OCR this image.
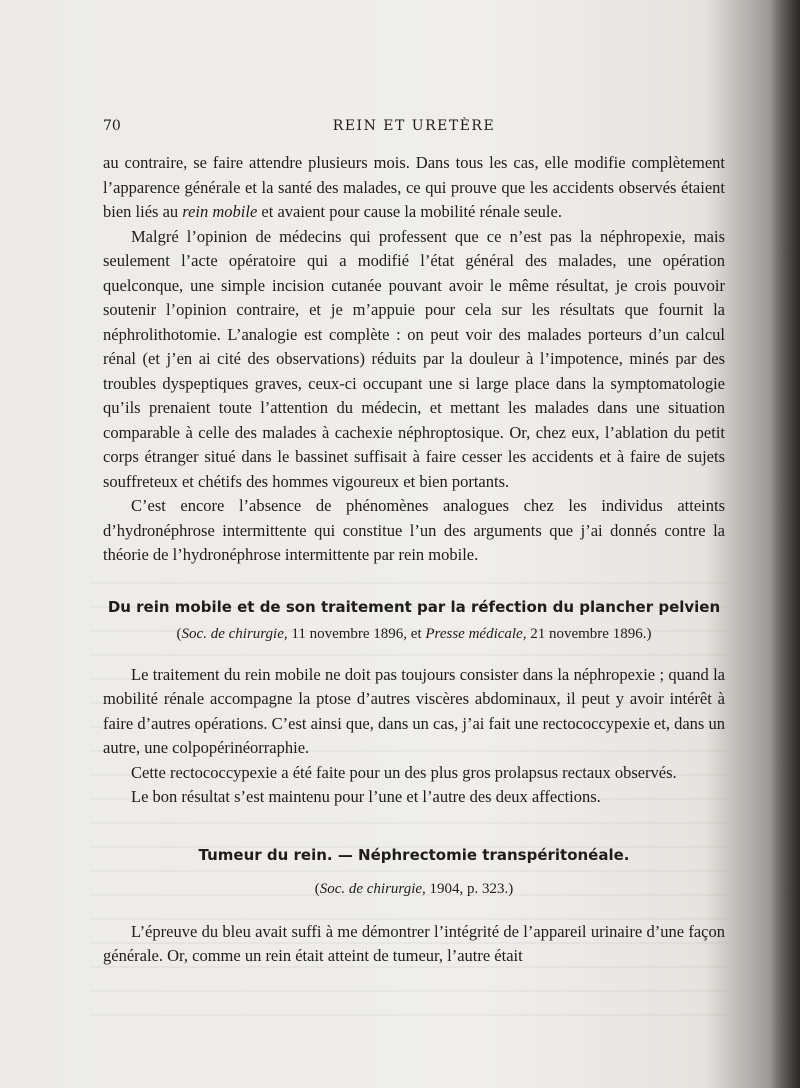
70	REIN ET URETÈRE

au contraire, se faire attendre plusieurs mois. Dans tous les cas, elle modifie complètement l’apparence générale et la santé des malades, ce qui prouve que les accidents observés étaient bien liés au rein mobile et avaient pour cause la mobilité rénale seule.

Malgré l’opinion de médecins qui professent que ce n’est pas la néphropexie, mais seulement l’acte opératoire qui a modifié l’état général des malades, une opération quelconque, une simple incision cutanée pouvant avoir le même résultat, je crois pouvoir soutenir l’opinion contraire, et je m’appuie pour cela sur les résultats que fournit la néphrolithotomie. L’analogie est complète : on peut voir des malades porteurs d’un calcul rénal (et j’en ai cité des observations) réduits par la douleur à l’impotence, minés par des troubles dyspeptiques graves, ceux-ci occupant une si large place dans la symptomatologie qu’ils prenaient toute l’attention du médecin, et mettant les malades dans une situation comparable à celle des malades à cachexie néphroptosique. Or, chez eux, l’ablation du petit corps étranger situé dans le bassinet suffisait à faire cesser les accidents et à faire de sujets souffreteux et chétifs des hommes vigoureux et bien portants.

C’est encore l’absence de phénomènes analogues chez les individus atteints d’hydronéphrose intermittente qui constitue l’un des arguments que j’ai donnés contre la théorie de l’hydronéphrose intermittente par rein mobile.

Du rein mobile et de son traitement par la réfection du plancher pelvien
(Soc. de chirurgie, 11 novembre 1896, et Presse médicale, 21 novembre 1896.)

Le traitement du rein mobile ne doit pas toujours consister dans la néphropexie ; quand la mobilité rénale accompagne la ptose d’autres viscères abdominaux, il peut y avoir intérêt à faire d’autres opérations. C’est ainsi que, dans un cas, j’ai fait une rectococcypexie et, dans un autre, une colpopérinéorraphie.

Cette rectococcypexie a été faite pour un des plus gros prolapsus rectaux observés.

Le bon résultat s’est maintenu pour l’une et l’autre des deux affections.

Tumeur du rein. — Néphrectomie transpéritonéale.
(Soc. de chirurgie, 1904, p. 323.)

L’épreuve du bleu avait suffi à me démontrer l’intégrité de l’appareil urinaire d’une façon générale. Or, comme un rein était atteint de tumeur, l’autre était
